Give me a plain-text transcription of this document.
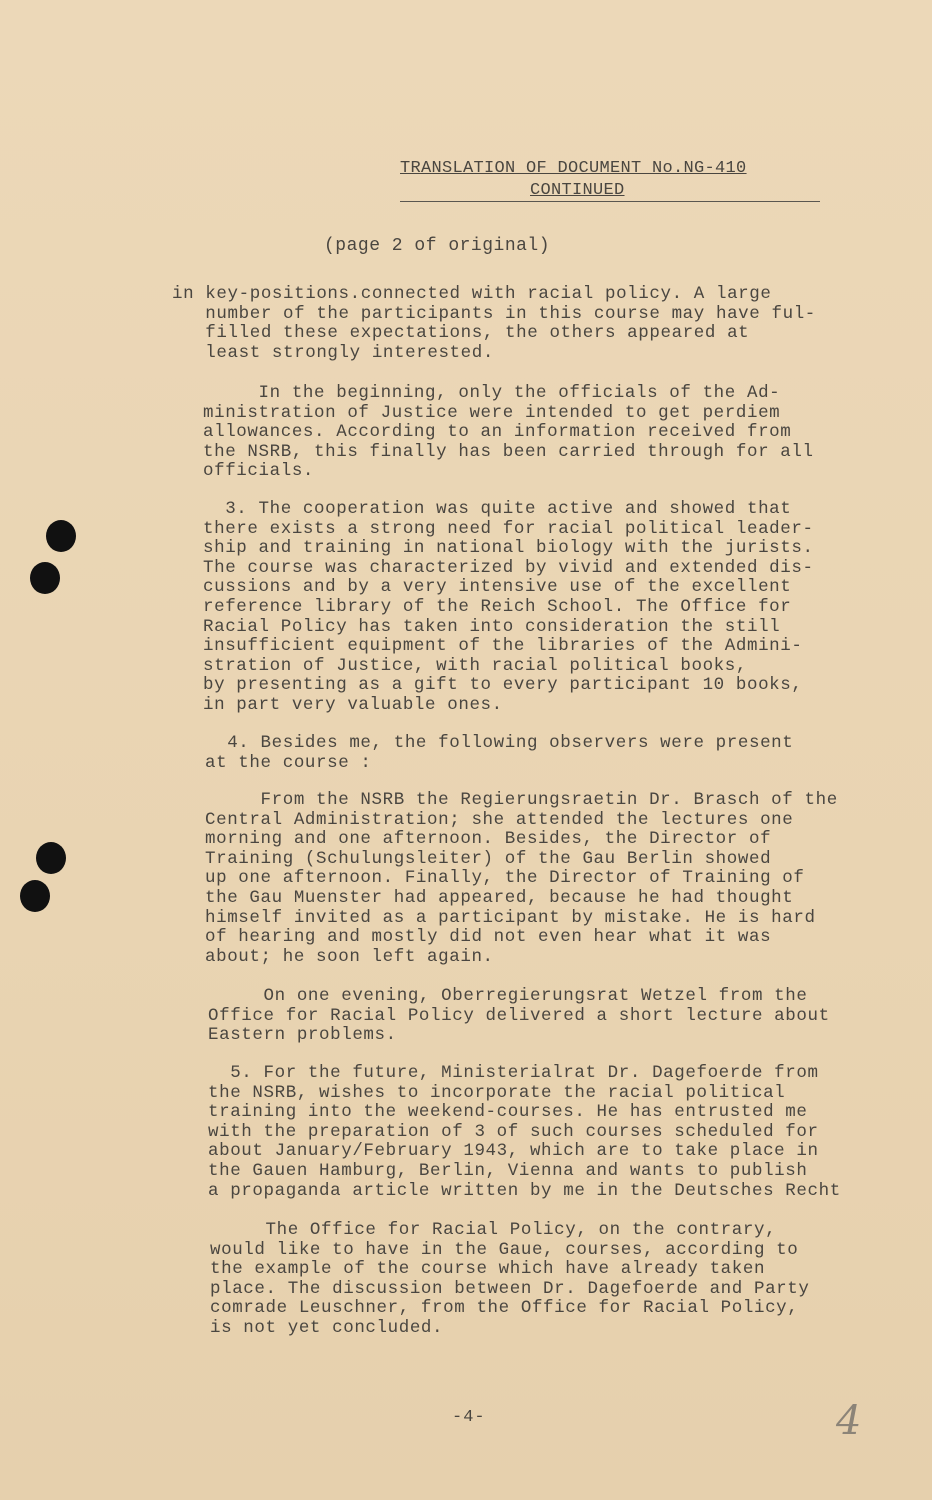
TRANSLATION OF DOCUMENT No.NG-410
CONTINUED
(page 2 of original)
in key-positions.connected with racial policy. A large
number of the participants in this course may have ful-
filled these expectations, the others appeared at
least strongly interested.
In the beginning, only the officials of the Ad-
ministration of Justice were intended to get perdiem
allowances. According to an information received from
the NSRB, this finally has been carried through for all
officials.
3. The cooperation was quite active and showed that
there exists a strong need for racial political leader-
ship and training in national biology with the jurists.
The course was characterized by vivid and extended dis-
cussions and by a very intensive use of the excellent
reference library of the Reich School. The Office for
Racial Policy has taken into consideration the still
insufficient equipment of the libraries of the Admini-
stration of Justice, with racial political books,
by presenting as a gift to every participant 10 books,
in part very valuable ones.
4. Besides me, the following observers were present
at the course :
From the NSRB the Regierungsraetin Dr. Brasch of the
Central Administration; she attended the lectures one
morning and one afternoon. Besides, the Director of
Training (Schulungsleiter) of the Gau Berlin showed
up one afternoon. Finally, the Director of Training of
the Gau Muenster had appeared, because he had thought
himself invited as a participant by mistake. He is hard
of hearing and mostly did not even hear what it was
about; he soon left again.
On one evening, Oberregierungsrat Wetzel from the
Office for Racial Policy delivered a short lecture about
Eastern problems.
5. For the future, Ministerialrat Dr. Dagefoerde from
the NSRB, wishes to incorporate the racial political
training into the weekend-courses. He has entrusted me
with the preparation of 3 of such courses scheduled for
about January/February 1943, which are to take place in
the Gauen Hamburg, Berlin, Vienna and wants to publish
a propaganda article written by me in the Deutsches Recht
The Office for Racial Policy, on the contrary,
would like to have in the Gaue, courses, according to
the example of the course which have already taken
place. The discussion between Dr. Dagefoerde and Party
comrade Leuschner, from the Office for Racial Policy,
is not yet concluded.
-4-	4
